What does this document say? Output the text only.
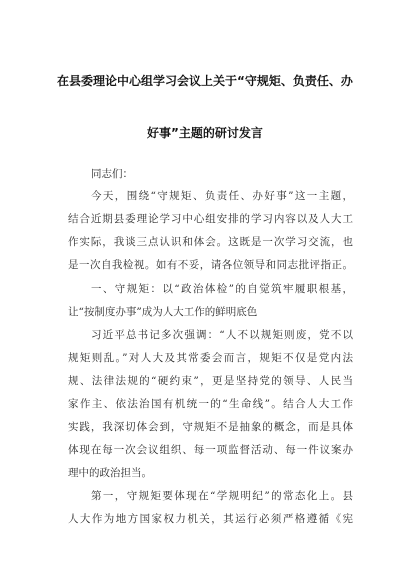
在县委理论中心组学习会议上关于“守规矩、负责任、办
好事”主题的研讨发言
同志们：
今天，围绕“守规矩、负责任、办好事”这一主题，
结合近期县委理论学习中心组安排的学习内容以及人大工
作实际，我谈三点认识和体会。这既是一次学习交流，也
是一次自我检视。如有不妥，请各位领导和同志批评指正。
一、守规矩：以“政治体检”的自觉筑牢履职根基，
让“按制度办事”成为人大工作的鲜明底色
习近平总书记多次强调：“人不以规矩则废，党不以
规矩则乱。”对人大及其常委会而言，规矩不仅是党内法
规、法律法规的“硬约束”，更是坚持党的领导、人民当
家作主、依法治国有机统一的“生命线”。结合人大工作
实践，我深切体会到，守规矩不是抽象的概念，而是具体
体现在每一次会议组织、每一项监督活动、每一件议案办
理中的政治担当。
第一，守规矩要体现在“学规明纪”的常态化上。县
人大作为地方国家权力机关，其运行必须严格遵循《宪
